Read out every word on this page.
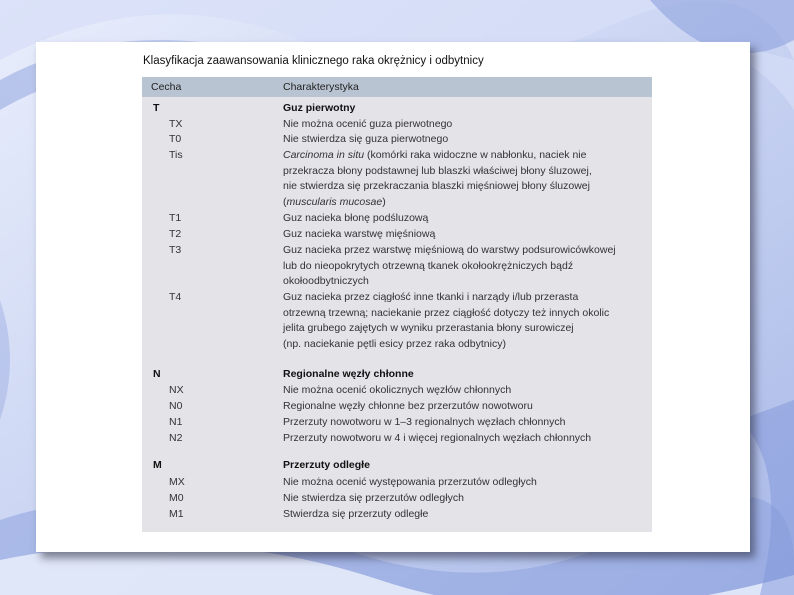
Klasyfikacja zaawansowania klinicznego raka okrężnicy i odbytnicy
Cecha	Charakterystyka
T	Guz pierwotny
TX	Nie można ocenić guza pierwotnego
T0	Nie stwierdza się guza pierwotnego
Tis	Carcinoma in situ (komórki raka widoczne w nabłonku, naciek nie
przekracza błony podstawnej lub blaszki właściwej błony śluzowej,
nie stwierdza się przekraczania blaszki mięśniowej błony śluzowej
(muscularis mucosae)
T1	Guz nacieka błonę podśluzową
T2	Guz nacieka warstwę mięśniową
T3	Guz nacieka przez warstwę mięśniową do warstwy podsurowicówkowej
lub do nieopokrytych otrzewną tkanek okołookrężniczych bądź
okołoodbytniczych
T4	Guz nacieka przez ciągłość inne tkanki i narządy i/lub przerasta
otrzewną trzewną; naciekanie przez ciągłość dotyczy też innych okolic
jelita grubego zajętych w wyniku przerastania błony surowiczej
(np. naciekanie pętli esicy przez raka odbytnicy)
N	Regionalne węzły chłonne
NX	Nie można ocenić okolicznych węzłów chłonnych
N0	Regionalne węzły chłonne bez przerzutów nowotworu
N1	Przerzuty nowotworu w 1–3 regionalnych węzłach chłonnych
N2	Przerzuty nowotworu w 4 i więcej regionalnych węzłach chłonnych
M	Przerzuty odległe
MX	Nie można ocenić występowania przerzutów odległych
M0	Nie stwierdza się przerzutów odległych
M1	Stwierdza się przerzuty odległe
